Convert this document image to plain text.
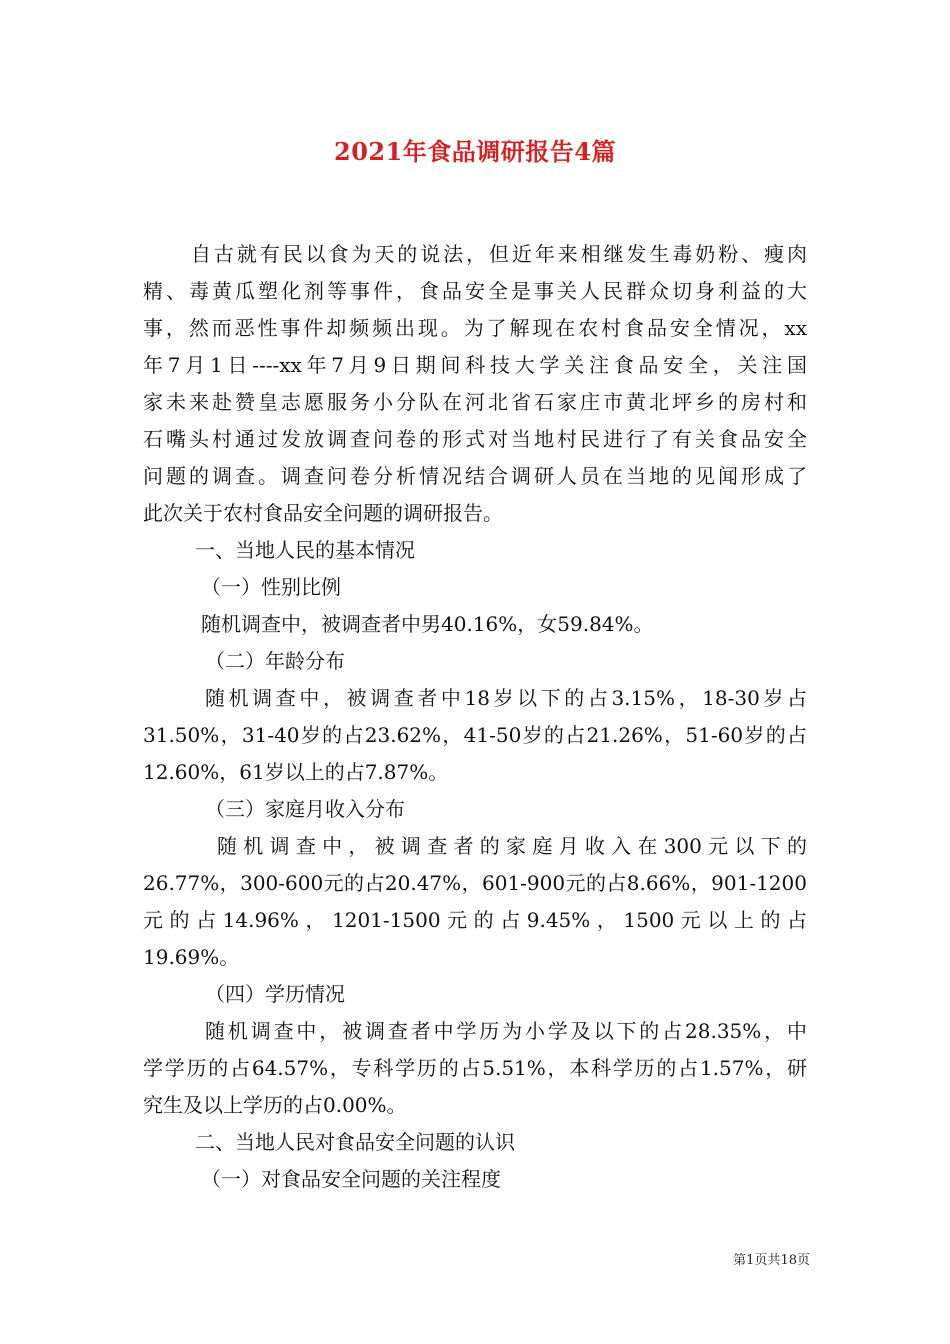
2021年食品调研报告4篇
自古就有民以食为天的说法，但近年来相继发生毒奶粉、瘦肉
精、毒黄瓜塑化剂等事件，食品安全是事关人民群众切身利益的大
事，然而恶性事件却频频出现。为了解现在农村食品安全情况，xx
年7月1日----xx年7月9日期间科技大学关注食品安全，关注国
家未来赴赞皇志愿服务小分队在河北省石家庄市黄北坪乡的房村和
石嘴头村通过发放调查问卷的形式对当地村民进行了有关食品安全
问题的调查。调查问卷分析情况结合调研人员在当地的见闻形成了
此次关于农村食品安全问题的调研报告。
一、当地人民的基本情况
（一）性别比例
随机调查中，被调查者中男40.16%，女59.84%。
（二）年龄分布
随机调查中，被调查者中18岁以下的占3.15%，18-30岁占
31.50%，31-40岁的占23.62%，41-50岁的占21.26%，51-60岁的占
12.60%，61岁以上的占7.87%。
（三）家庭月收入分布
随机调查中，被调查者的家庭月收入在300元以下的
26.77%，300-600元的占20.47%，601-900元的占8.66%，901-1200
元的占14.96%，1201-1500元的占9.45%，1500元以上的占
19.69%。
（四）学历情况
随机调查中，被调查者中学历为小学及以下的占28.35%，中
学学历的占64.57%，专科学历的占5.51%，本科学历的占1.57%，研
究生及以上学历的占0.00%。
二、当地人民对食品安全问题的认识
（一）对食品安全问题的关注程度
第1页共18页
